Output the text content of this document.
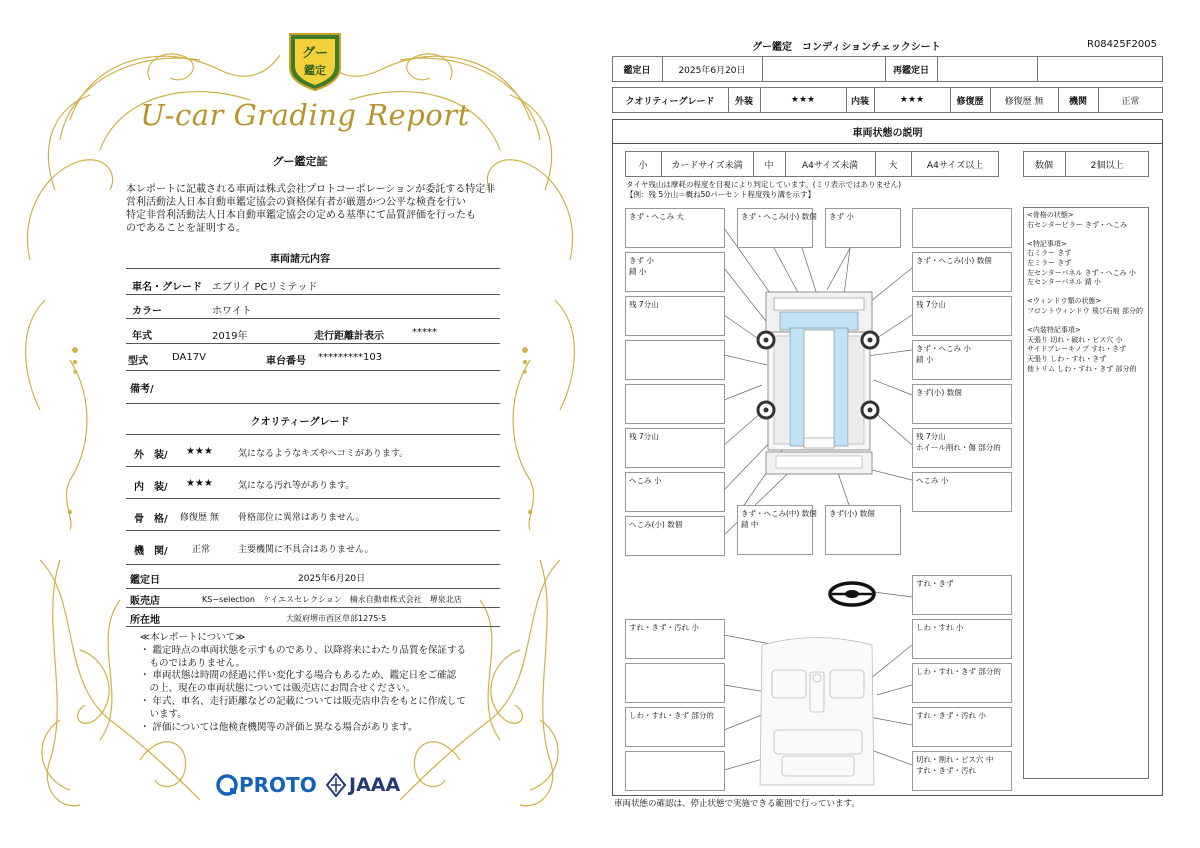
グー
鑑定
U-car Grading Report
グー鑑定証
本レポートに記載される車両は株式会社プロトコーポレーションが委託する特定非
営利活動法人日本自動車鑑定協会の資格保有者が厳選かつ公平な検査を行い
特定非営利活動法人日本自動車鑑定協会の定める基準にて品質評価を行ったも
のであることを証明する。
車両諸元内容
車名・グレード エブリイ PCリミテッド
カラー	ホワイト
年式	2019年	走行距離計表示	*****
型式 DA17V	車台番号 *********103
備考/
クオリティーグレード
外　装/ ★★★	気になるようなキズやヘコミがあります。
内　装/ ★★★	気になる汚れ等があります。
骨　格/ 修復歴 無 骨格部位に異常はありません。
機　関/	正常	主要機関に不具合はありません。
鑑定日	2025年6月20日
販売店	KS−selection　ケイエスセレクション　楠永自動車株式会社　堺泉北店
所在地	大阪府堺市西区草部1275-5
≪本レポートについて≫
・ 鑑定時点の車両状態を示すものであり、以降将来にわたり品質を保証する
　ものではありません。
・ 車両状態は時間の経過に伴い変化する場合もあるため、鑑定日をご確認
　の上、現在の車両状態については販売店にお問合せください。
・ 年式、車名、走行距離などの記載については販売店申告をもとに作成して
　います。
・ 評価については他検査機関等の評価と異なる場合があります。
PROTO JAAA
グー鑑定　コンディションチェックシート	R08425F2005
鑑定日	2025年6月20日	再鑑定日
クオリティーグレード	外装	★★★	内装	★★★	修復歴	修復歴 無	機関	正常
車両状態の説明
小	カードサイズ未満	中	A4サイズ未満	大	A4サイズ以上	数個	2個以上
タイヤ残山は摩耗の程度を目視により判定しています。(ミリ表示ではありません)
【例：残 5分山＝概ね50パーセント程度残り溝を示す】
<骨格の状態>
右センターピラー きず・へこみ
<特記事項>
右ミラー きず
左ミラー きず
左センターパネル きず・へこみ 小
左センターパネル 錆 小
<ウィンドウ類の状態>
フロントウィンドウ 飛び石痕 部分的
<内装特記事項>
天張り 切れ・破れ・ビス穴 小
サイドブレーキノブ すれ・きず
天張り しわ・すれ・きず
他トリム しわ・すれ・きず 部分的
きず・へこみ 大
きず 小
錆 小
残 7分山
残 7分山
へこみ 小
へこみ(小) 数個
きず・へこみ(小) 数個 きず 小
きず・へこみ(小) 数個
残 7分山
きず・へこみ 小
錆 小
きず(小) 数個
残 7分山
ホイール削れ・傷 部分的
へこみ 小
きず・へこみ(中) 数個
錆 中
きず(小) 数個
すれ・きず
すれ・きず・汚れ 小
しわ・すれ・きず 部分的
しわ・すれ 小
しわ・すれ・きず 部分的
すれ・きず・汚れ 小
切れ・割れ・ビス穴 中
すれ・きず・汚れ
車両状態の確認は、停止状態で実施できる範囲で行っています。
